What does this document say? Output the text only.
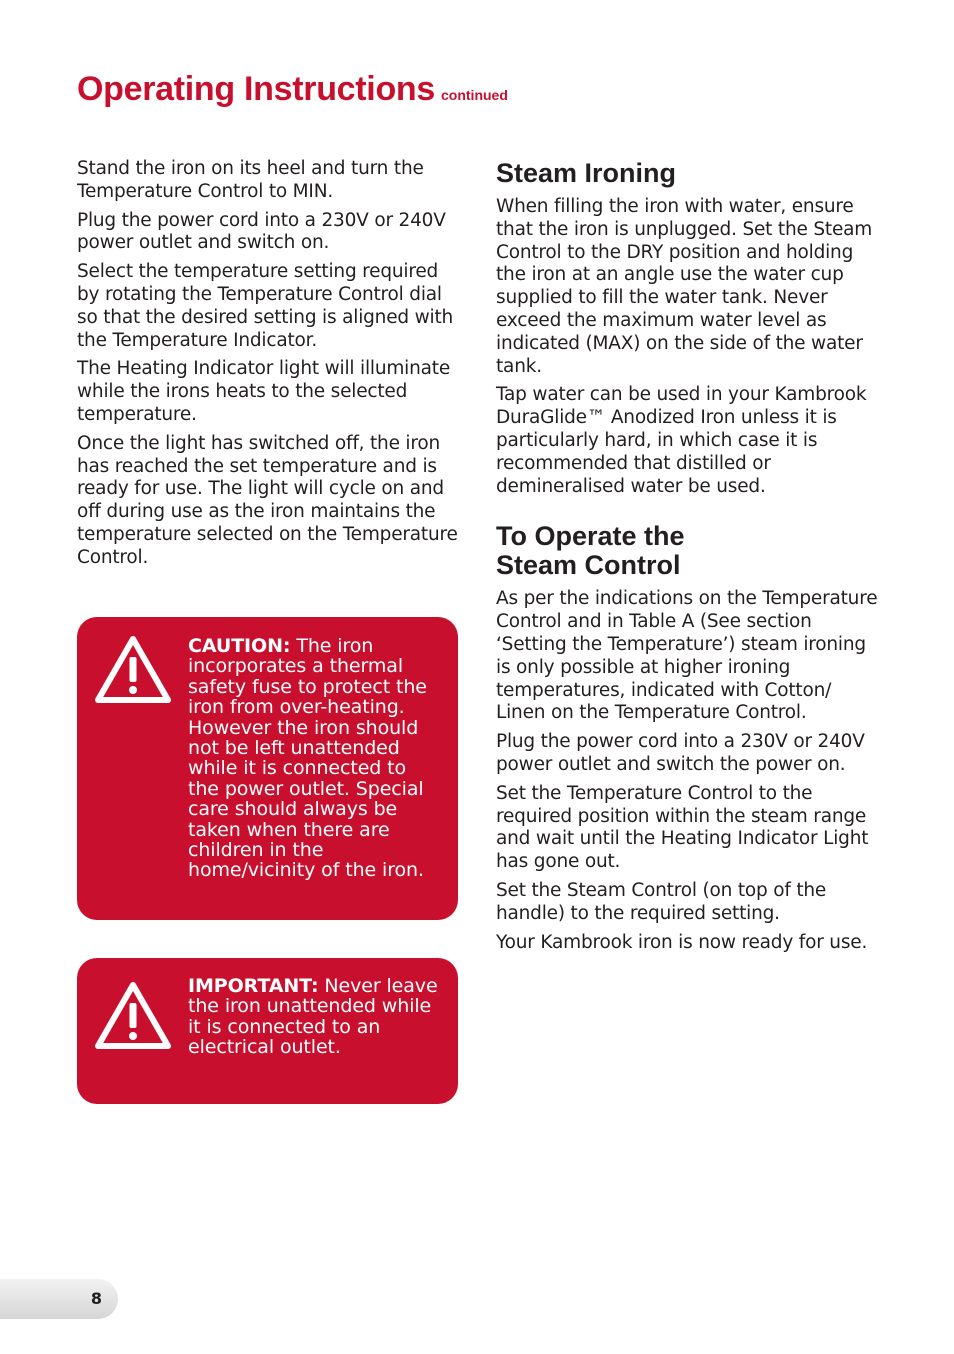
Operating Instructions continued

Stand the iron on its heel and turn the Temperature Control to MIN.

Plug the power cord into a 230V or 240V power outlet and switch on.

Select the temperature setting required by rotating the Temperature Control dial so that the desired setting is aligned with the Temperature Indicator.

The Heating Indicator light will illuminate while the irons heats to the selected temperature.

Once the light has switched off, the iron has reached the set temperature and is ready for use. The light will cycle on and off during use as the iron maintains the temperature selected on the Temperature Control.

CAUTION: The iron incorporates a thermal safety fuse to protect the iron from over-heating. However the iron should not be left unattended while it is connected to the power outlet. Special care should always be taken when there are children in the home/vicinity of the iron.
IMPORTANT: Never leave the iron unattended while it is connected to an electrical outlet.
Steam Ironing

When filling the iron with water, ensure that the iron is unplugged. Set the Steam Control to the DRY position and holding the iron at an angle use the water cup supplied to fill the water tank. Never exceed the maximum water level as indicated (MAX) on the side of the water tank.

Tap water can be used in your Kambrook DuraGlide™ Anodized Iron unless it is particularly hard, in which case it is recommended that distilled or demineralised water be used.

To Operate the Steam Control

As per the indications on the Temperature Control and in Table A (See section ‘Setting the Temperature’) steam ironing is only possible at higher ironing temperatures, indicated with Cotton/ Linen on the Temperature Control.

Plug the power cord into a 230V or 240V power outlet and switch the power on.

Set the Temperature Control to the required position within the steam range and wait until the Heating Indicator Light has gone out.

Set the Steam Control (on top of the handle) to the required setting.

Your Kambrook iron is now ready for use.

8
